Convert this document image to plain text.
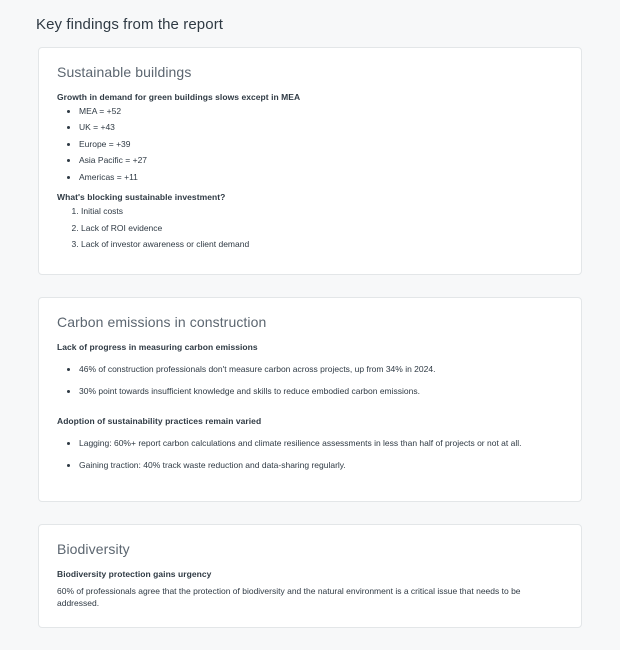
Key findings from the report
Sustainable buildings
Growth in demand for green buildings slows except in MEA
• MEA = +52
• UK = +43
• Europe = +39
• Asia Pacific = +27
• Americas = +11
What's blocking sustainable investment?
1. Initial costs
2. Lack of ROI evidence
3. Lack of investor awareness or client demand
Carbon emissions in construction
Lack of progress in measuring carbon emissions
• 46% of construction professionals don't measure carbon across projects, up from 34% in 2024.
• 30% point towards insufficient knowledge and skills to reduce embodied carbon emissions.
Adoption of sustainability practices remain varied
• Lagging: 60%+ report carbon calculations and climate resilience assessments in less than half of projects or not at all.
• Gaining traction: 40% track waste reduction and data-sharing regularly.
Biodiversity
Biodiversity protection gains urgency

60% of professionals agree that the protection of biodiversity and the natural environment is a critical issue that needs to be addressed.
